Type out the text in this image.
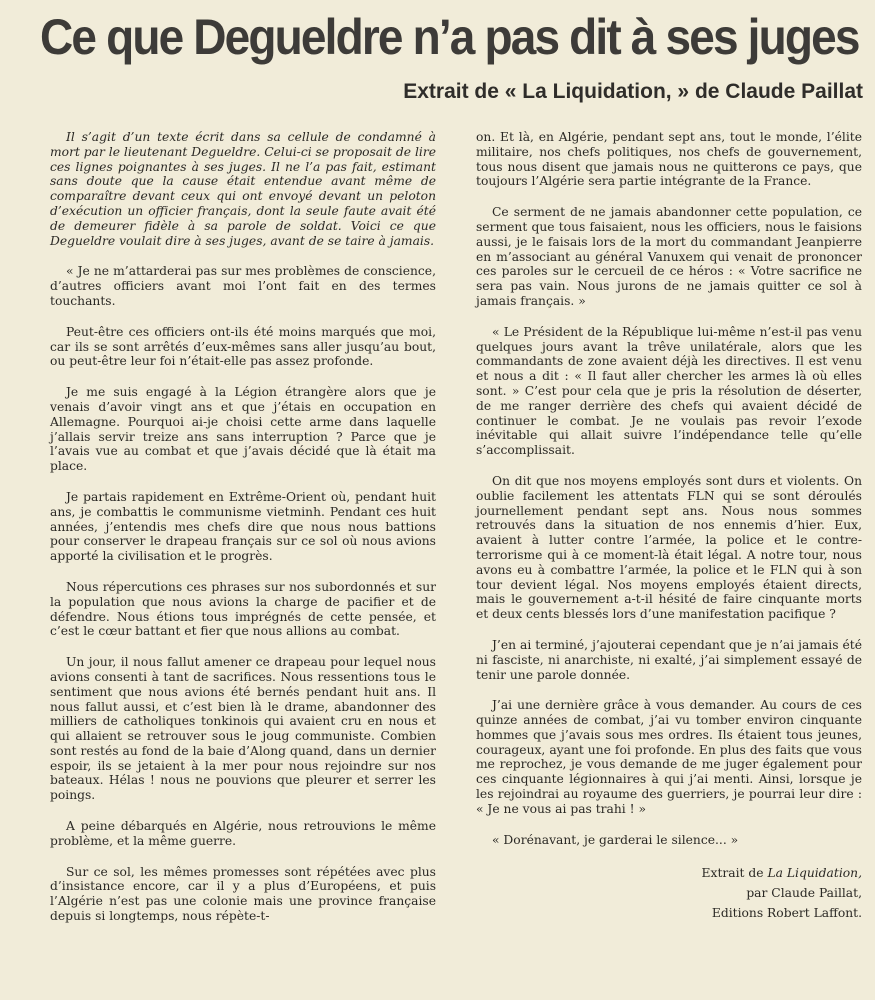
Ce que Degueldre n’a pas dit à ses juges
Extrait de « La Liquidation, » de Claude Paillat

Il s’agit d’un texte écrit dans sa cellule de condamné à mort par le lieutenant Degueldre. Celui-ci se proposait de lire ces lignes poignantes à ses juges. Il ne l’a pas fait, estimant sans doute que la cause était entendue avant même de comparaître devant ceux qui ont envoyé devant un peloton d’exécution un officier français, dont la seule faute avait été de demeurer fidèle à sa parole de soldat. Voici ce que Degueldre voulait dire à ses juges, avant de se taire à jamais.

« Je ne m’attarderai pas sur mes problèmes de conscience, d’autres officiers avant moi l’ont fait en des termes touchants.

Peut-être ces officiers ont-ils été moins marqués que moi, car ils se sont arrêtés d’eux-mêmes sans aller jusqu’au bout, ou peut-être leur foi n’était-elle pas assez profonde.

Je me suis engagé à la Légion étrangère alors que je venais d’avoir vingt ans et que j’étais en occupation en Allemagne. Pourquoi ai-je choisi cette arme dans laquelle j’allais servir treize ans sans interruption ? Parce que je l’avais vue au combat et que j’avais décidé que là était ma place.

Je partais rapidement en Extrême-Orient où, pendant huit ans, je combattis le communisme vietminh. Pendant ces huit années, j’entendis mes chefs dire que nous nous battions pour conserver le drapeau français sur ce sol où nous avions apporté la civilisation et le progrès.

Nous répercutions ces phrases sur nos subordonnés et sur la population que nous avions la charge de pacifier et de défendre. Nous étions tous imprégnés de cette pensée, et c’est le cœur battant et fier que nous allions au combat.

Un jour, il nous fallut amener ce drapeau pour lequel nous avions consenti à tant de sacrifices. Nous ressentions tous le sentiment que nous avions été bernés pendant huit ans. Il nous fallut aussi, et c’est bien là le drame, abandonner des milliers de catholiques tonkinois qui avaient cru en nous et qui allaient se retrouver sous le joug communiste. Combien sont restés au fond de la baie d’Along quand, dans un dernier espoir, ils se jetaient à la mer pour nous rejoindre sur nos bateaux. Hélas ! nous ne pouvions que pleurer et serrer les poings.

A peine débarqués en Algérie, nous retrouvions le même problème, et la même guerre.

Sur ce sol, les mêmes promesses sont répétées avec plus d’insistance encore, car il y a plus d’Européens, et puis l’Algérie n’est pas une colonie mais une province française depuis si longtemps, nous répète-t-

on. Et là, en Algérie, pendant sept ans, tout le monde, l’élite militaire, nos chefs politiques, nos chefs de gouvernement, tous nous disent que jamais nous ne quitterons ce pays, que toujours l’Algérie sera partie intégrante de la France.

Ce serment de ne jamais abandonner cette population, ce serment que tous faisaient, nous les officiers, nous le faisions aussi, je le faisais lors de la mort du commandant Jeanpierre en m’associant au général Vanuxem qui venait de prononcer ces paroles sur le cercueil de ce héros : « Votre sacrifice ne sera pas vain. Nous jurons de ne jamais quitter ce sol à jamais français. »

« Le Président de la République lui-même n’est-il pas venu quelques jours avant la trêve unilatérale, alors que les commandants de zone avaient déjà les directives. Il est venu et nous a dit : « Il faut aller chercher les armes là où elles sont. » C’est pour cela que je pris la résolution de déserter, de me ranger derrière des chefs qui avaient décidé de continuer le combat. Je ne voulais pas revoir l’exode inévitable qui allait suivre l’indépendance telle qu’elle s’accomplissait.

On dit que nos moyens employés sont durs et violents. On oublie facilement les attentats FLN qui se sont déroulés journellement pendant sept ans. Nous nous sommes retrouvés dans la situation de nos ennemis d’hier. Eux, avaient à lutter contre l’armée, la police et le contre-terrorisme qui à ce moment-là était légal. A notre tour, nous avons eu à combattre l’armée, la police et le FLN qui à son tour devient légal. Nos moyens employés étaient directs, mais le gouvernement a-t-il hésité de faire cinquante morts et deux cents blessés lors d’une manifestation pacifique ?

J’en ai terminé, j’ajouterai cependant que je n’ai jamais été ni fasciste, ni anarchiste, ni exalté, j’ai simplement essayé de tenir une parole donnée.

J’ai une dernière grâce à vous demander. Au cours de ces quinze années de combat, j’ai vu tomber environ cinquante hommes que j’avais sous mes ordres. Ils étaient tous jeunes, courageux, ayant une foi profonde. En plus des faits que vous me reprochez, je vous demande de me juger également pour ces cinquante légionnaires à qui j’ai menti. Ainsi, lorsque je les rejoindrai au royaume des guerriers, je pourrai leur dire : « Je ne vous ai pas trahi ! »

« Dorénavant, je garderai le silence... »

Extrait de La Liquidation,
par Claude Paillat,
Editions Robert Laffont.
